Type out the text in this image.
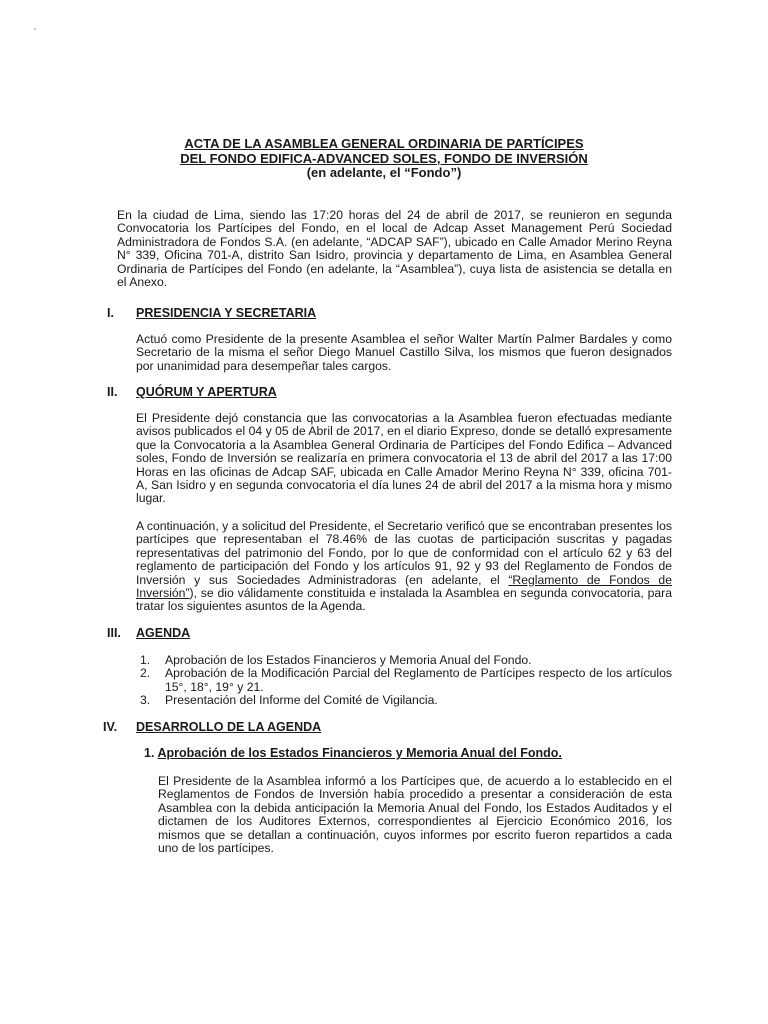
ACTA DE LA ASAMBLEA GENERAL ORDINARIA DE PARTÍCIPES
DEL FONDO EDIFICA-ADVANCED SOLES, FONDO DE INVERSIÓN
(en adelante, el “Fondo”)

En la ciudad de Lima, siendo las 17:20 horas del 24 de abril de 2017, se reunieron en segunda Convocatoria los Partícipes del Fondo, en el local de Adcap Asset Management Perú Sociedad Administradora de Fondos S.A. (en adelante, “ADCAP SAF”), ubicado en Calle Amador Merino Reyna N° 339, Oficina 701-A, distrito San Isidro, provincia y departamento de Lima, en Asamblea General Ordinaria de Partícipes del Fondo (en adelante, la “Asamblea”), cuya lista de asistencia se detalla en el Anexo.

I. PRESIDENCIA Y SECRETARIA

Actuó como Presidente de la presente Asamblea el señor Walter Martín Palmer Bardales y como Secretario de la misma el señor Diego Manuel Castillo Silva, los mismos que fueron designados por unanimidad para desempeñar tales cargos.

II. QUÓRUM Y APERTURA

El Presidente dejó constancia que las convocatorias a la Asamblea fueron efectuadas mediante avisos publicados el 04 y 05 de Abril de 2017, en el diario Expreso, donde se detalló expresamente que la Convocatoria a la Asamblea General Ordinaria de Partícipes del Fondo Edifica – Advanced soles, Fondo de Inversión se realizaría en primera convocatoria el 13 de abril del 2017 a las 17:00 Horas en las oficinas de Adcap SAF, ubicada en Calle Amador Merino Reyna N° 339, oficina 701-A, San Isidro y en segunda convocatoria el día lunes 24 de abril del 2017 a la misma hora y mismo lugar.

A continuación, y a solicitud del Presidente, el Secretario verificó que se encontraban presentes los partícipes que representaban el 78.46% de las cuotas de participación suscritas y pagadas representativas del patrimonio del Fondo, por lo que de conformidad con el artículo 62 y 63 del reglamento de participación del Fondo y los artículos 91, 92 y 93 del Reglamento de Fondos de Inversión y sus Sociedades Administradoras (en adelante, el “Reglamento de Fondos de Inversión”), se dio válidamente constituida e instalada la Asamblea en segunda convocatoria, para tratar los siguientes asuntos de la Agenda.

III. AGENDA
1. Aprobación de los Estados Financieros y Memoria Anual del Fondo.
2. Aprobación de la Modificación Parcial del Reglamento de Partícipes respecto de los artículos 15°, 18°, 19° y 21.
3. Presentación del Informe del Comité de Vigilancia.
IV. DESARROLLO DE LA AGENDA
1. Aprobación de los Estados Financieros y Memoria Anual del Fondo.

El Presidente de la Asamblea informó a los Partícipes que, de acuerdo a lo establecido en el Reglamentos de Fondos de Inversión había procedido a presentar a consideración de esta Asamblea con la debida anticipación la Memoria Anual del Fondo, los Estados Auditados y el dictamen de los Auditores Externos, correspondientes al Ejercicio Económico 2016, los mismos que se detallan a continuación, cuyos informes por escrito fueron repartidos a cada uno de los partícipes.
